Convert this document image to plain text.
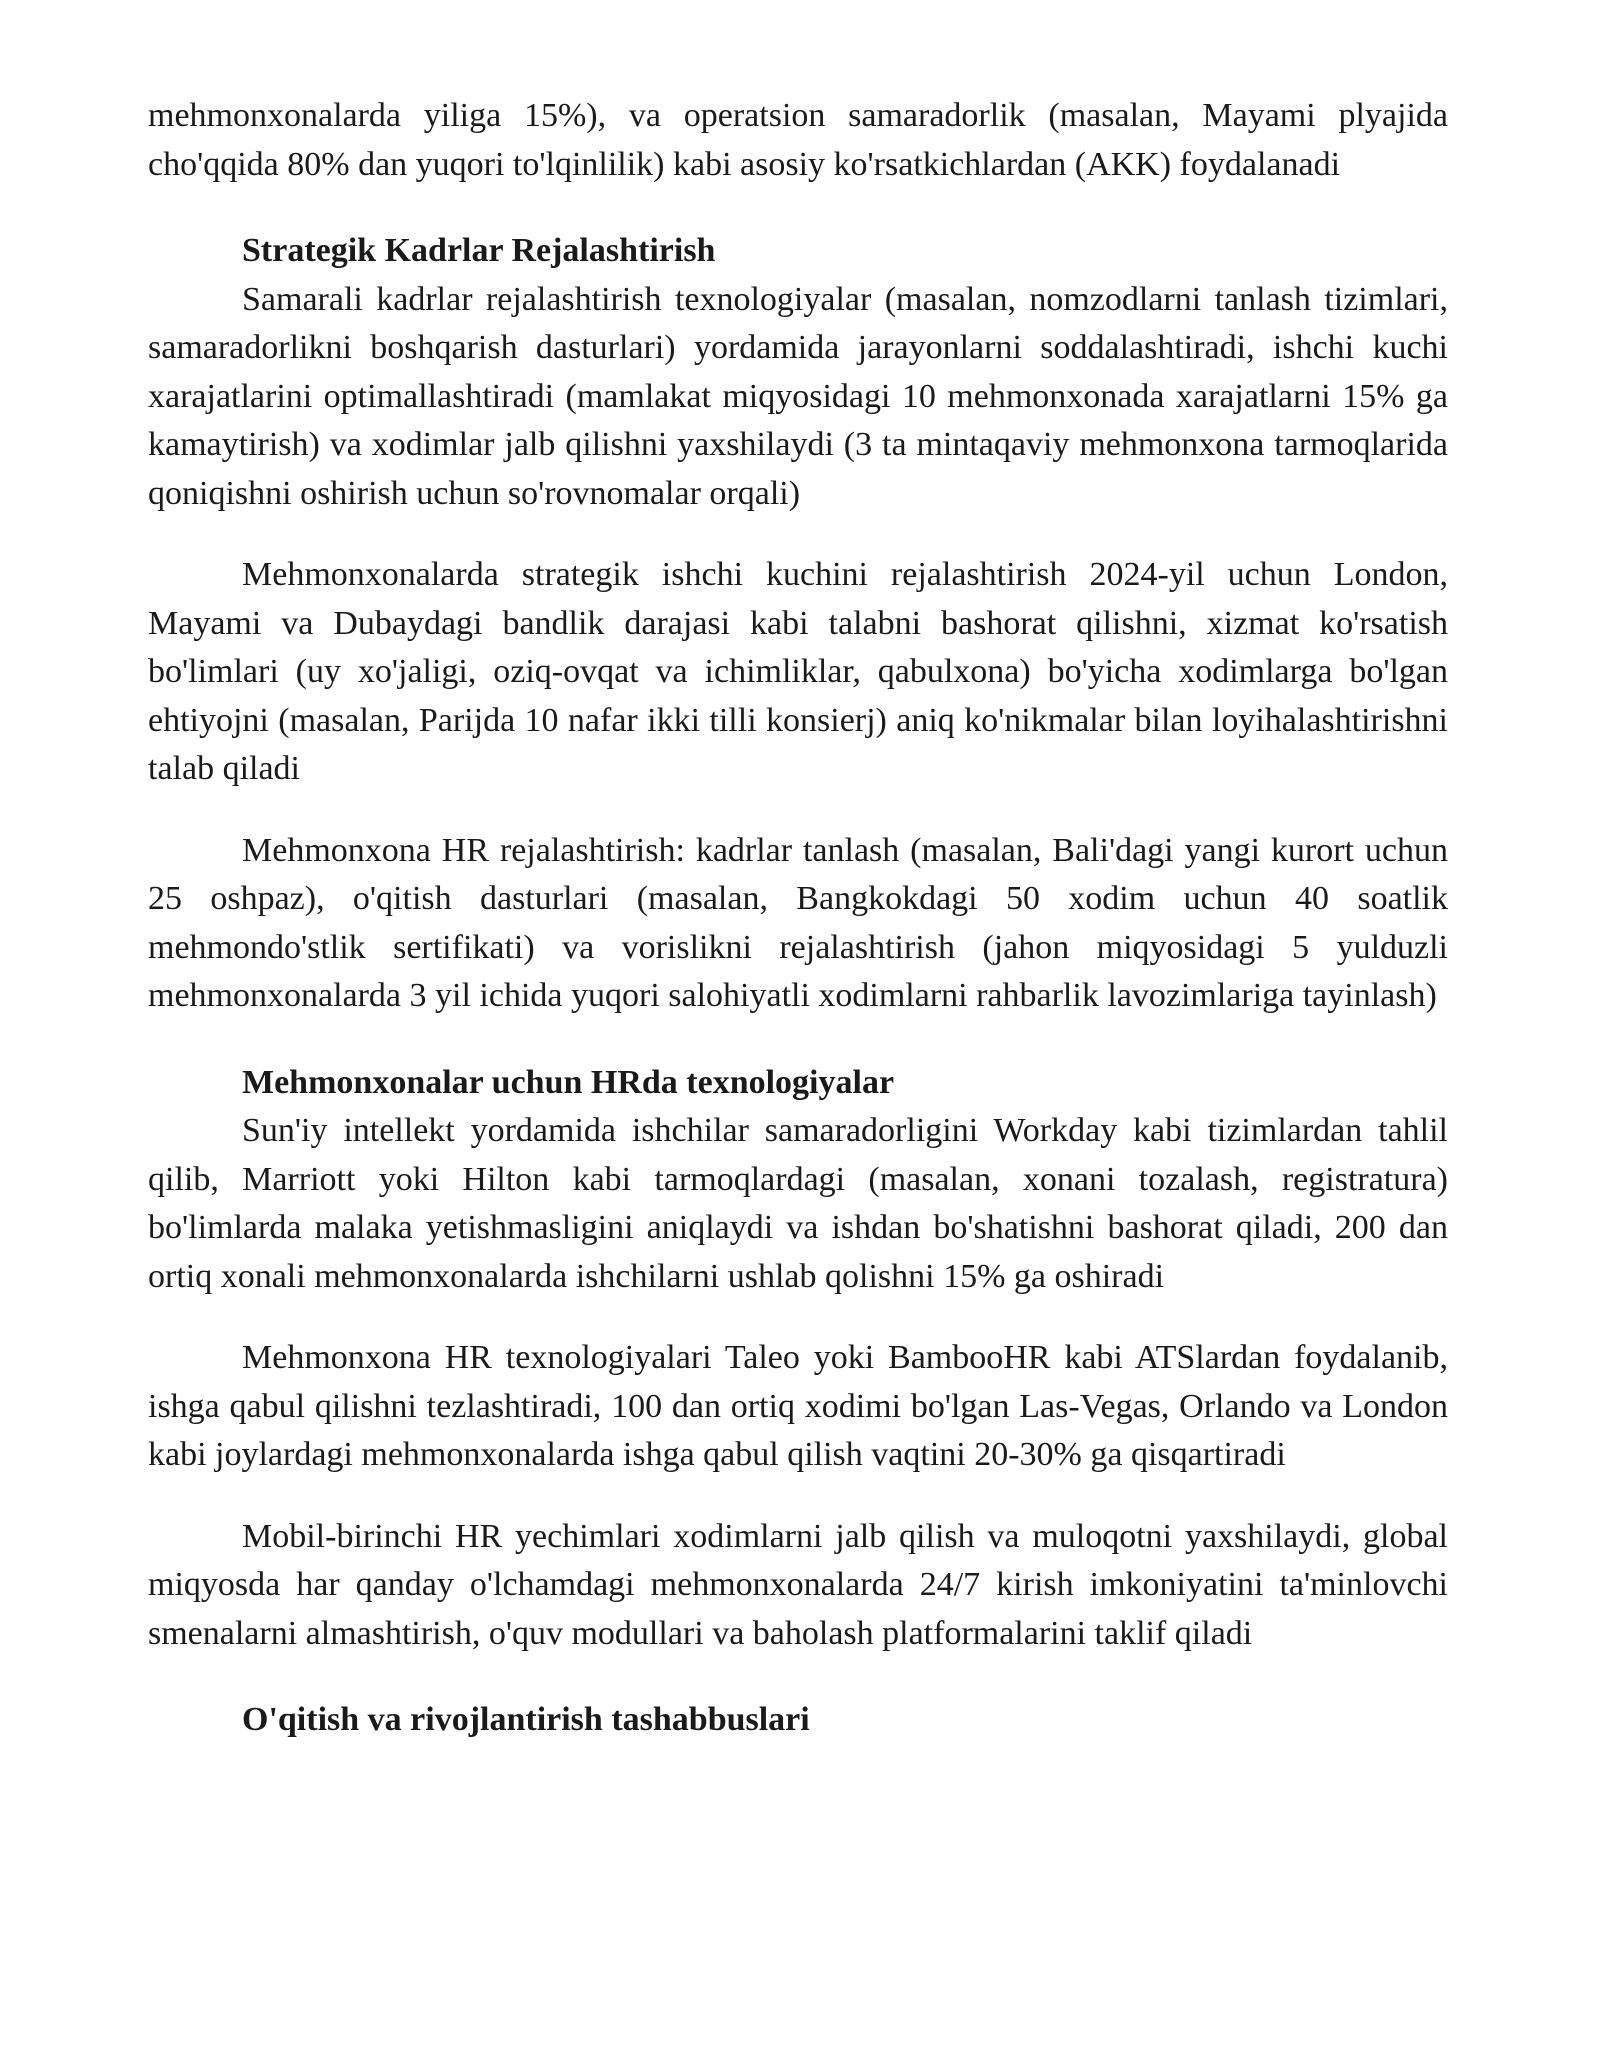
mehmonxonalarda yiliga 15%), va operatsion samaradorlik (masalan, Mayami plyajida cho'qqida 80% dan yuqori to'lqinlilik) kabi asosiy ko'rsatkichlardan (AKK) foydalanadi

Strategik Kadrlar Rejalashtirish

Samarali kadrlar rejalashtirish texnologiyalar (masalan, nomzodlarni tanlash tizimlari, samaradorlikni boshqarish dasturlari) yordamida jarayonlarni soddalashtiradi, ishchi kuchi xarajatlarini optimallashtiradi (mamlakat miqyosidagi 10 mehmonxonada xarajatlarni 15% ga kamaytirish) va xodimlar jalb qilishni yaxshilaydi (3 ta mintaqaviy mehmonxona tarmoqlarida qoniqishni oshirish uchun so'rovnomalar orqali)

Mehmonxonalarda strategik ishchi kuchini rejalashtirish 2024-yil uchun London, Mayami va Dubaydagi bandlik darajasi kabi talabni bashorat qilishni, xizmat ko'rsatish bo'limlari (uy xo'jaligi, oziq-ovqat va ichimliklar, qabulxona) bo'yicha xodimlarga bo'lgan ehtiyojni (masalan, Parijda 10 nafar ikki tilli konsierj) aniq ko'nikmalar bilan loyihalashtirishni talab qiladi

Mehmonxona HR rejalashtirish: kadrlar tanlash (masalan, Bali'dagi yangi kurort uchun 25 oshpaz), o'qitish dasturlari (masalan, Bangkokdagi 50 xodim uchun 40 soatlik mehmondo'stlik sertifikati) va vorislikni rejalashtirish (jahon miqyosidagi 5 yulduzli mehmonxonalarda 3 yil ichida yuqori salohiyatli xodimlarni rahbarlik lavozimlariga tayinlash)

Mehmonxonalar uchun HRda texnologiyalar

Sun'iy intellekt yordamida ishchilar samaradorligini Workday kabi tizimlardan tahlil qilib, Marriott yoki Hilton kabi tarmoqlardagi (masalan, xonani tozalash, registratura) bo'limlarda malaka yetishmasligini aniqlaydi va ishdan bo'shatishni bashorat qiladi, 200 dan ortiq xonali mehmonxonalarda ishchilarni ushlab qolishni 15% ga oshiradi

Mehmonxona HR texnologiyalari Taleo yoki BambooHR kabi ATSlardan foydalanib, ishga qabul qilishni tezlashtiradi, 100 dan ortiq xodimi bo'lgan Las-Vegas, Orlando va London kabi joylardagi mehmonxonalarda ishga qabul qilish vaqtini 20-30% ga qisqartiradi

Mobil-birinchi HR yechimlari xodimlarni jalb qilish va muloqotni yaxshilaydi, global miqyosda har qanday o'lchamdagi mehmonxonalarda 24/7 kirish imkoniyatini ta'minlovchi smenalarni almashtirish, o'quv modullari va baholash platformalarini taklif qiladi

O'qitish va rivojlantirish tashabbuslari
